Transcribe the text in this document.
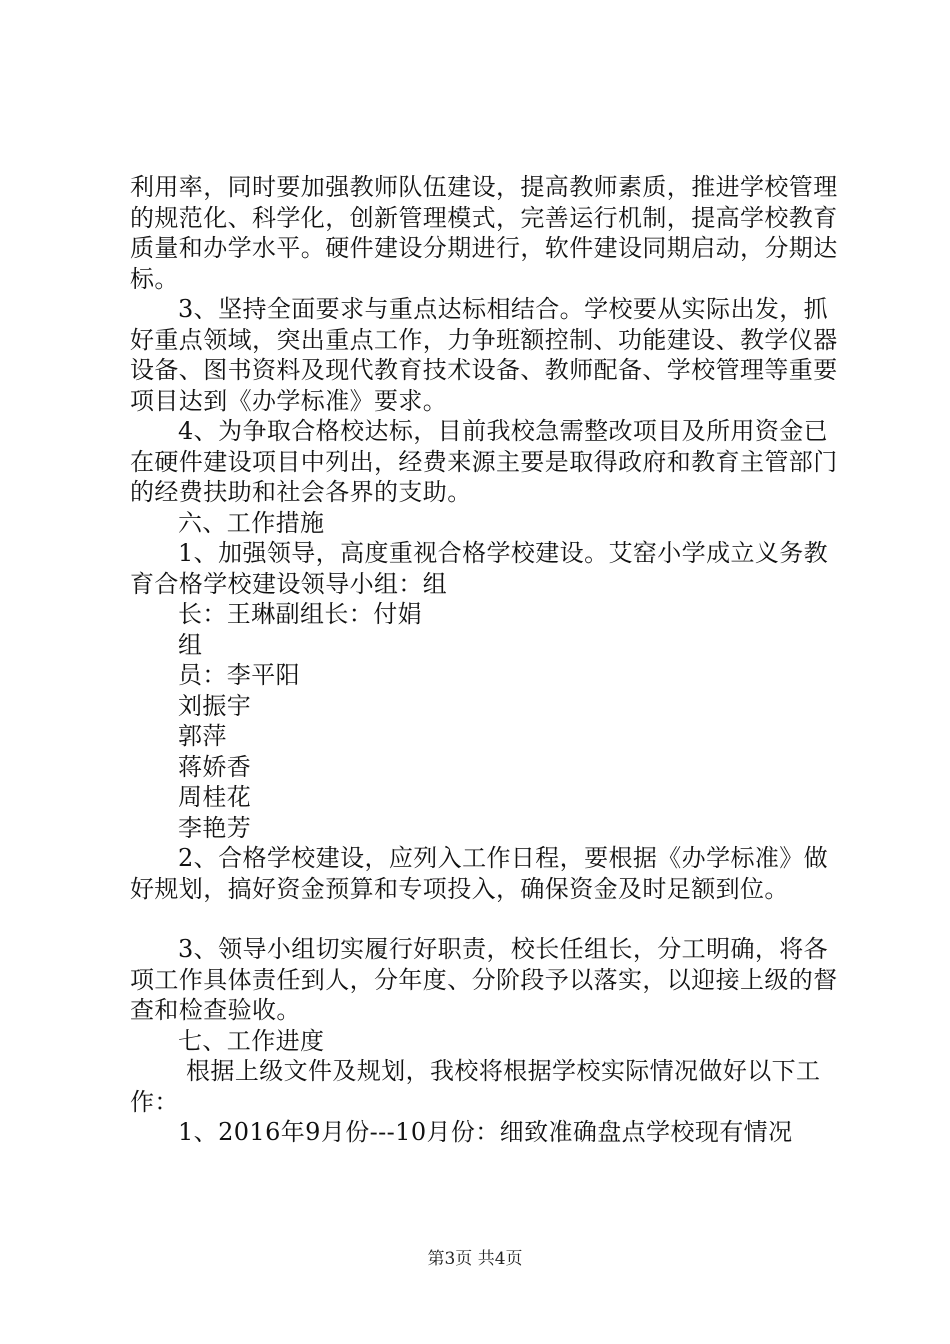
利用率，同时要加强教师队伍建设，提高教师素质，推进学校管理的规范化、科学化，创新管理模式，完善运行机制，提高学校教育质量和办学水平。硬件建设分期进行，软件建设同期启动，分期达标。

3、坚持全面要求与重点达标相结合。学校要从实际出发，抓好重点领域，突出重点工作，力争班额控制、功能建设、教学仪器设备、图书资料及现代教育技术设备、教师配备、学校管理等重要项目达到《办学标准》要求。

4、为争取合格校达标，目前我校急需整改项目及所用资金已在硬件建设项目中列出，经费来源主要是取得政府和教育主管部门的经费扶助和社会各界的支助。

六、工作措施

1、加强领导，高度重视合格学校建设。艾窑小学成立义务教育合格学校建设领导小组：组

长：王琳副组长：付娟

组

员：李平阳

刘振宇

郭萍

蒋娇香

周桂花

李艳芳

2、合格学校建设，应列入工作日程，要根据《办学标准》做好规划，搞好资金预算和专项投入，确保资金及时足额到位。

3、领导小组切实履行好职责，校长任组长，分工明确，将各项工作具体责任到人，分年度、分阶段予以落实，以迎接上级的督查和检查验收。

七、工作进度

根据上级文件及规划，我校将根据学校实际情况做好以下工作：

1、2016年9月份---10月份：细致准确盘点学校现有情况

第3页 共4页
